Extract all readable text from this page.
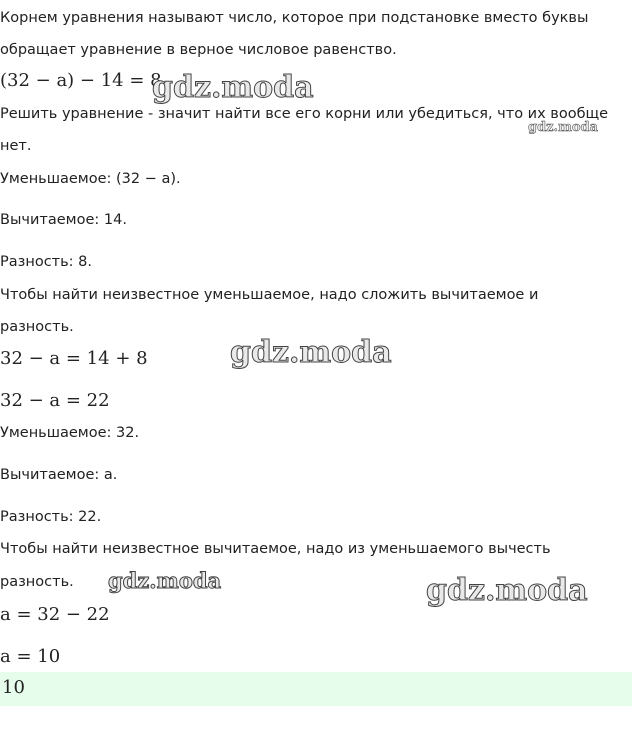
Корнем уравнения называют число, которое при подстановке вместо буквы
обращает уравнение в верное числовое равенство.
(32 − a) − 14 = 8
Решить уравнение - значит найти все его корни или убедиться, что их вообще
нет.
Уменьшаемое: (32 − a).
Вычитаемое: 14.
Разность: 8.
Чтобы найти неизвестное уменьшаемое, надо сложить вычитаемое и
разность.
32 − a = 14 + 8
32 − a = 22
Уменьшаемое: 32.
Вычитаемое: a.
Разность: 22.
Чтобы найти неизвестное вычитаемое, надо из уменьшаемого вычесть
разность.
a = 32 − 22
a = 10
10
gdz.moda
gdz.moda
gdz.moda
gdz.moda	gdz.moda
